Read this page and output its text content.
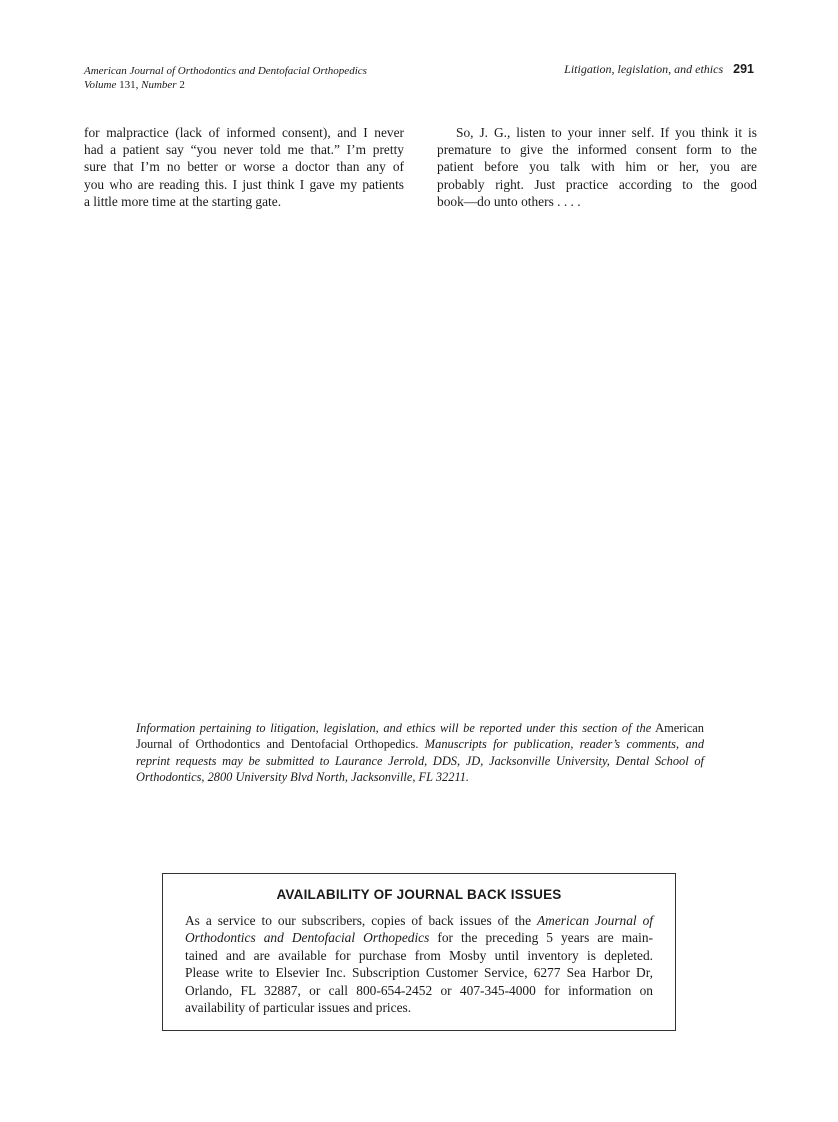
American Journal of Orthodontics and Dentofacial Orthopedics
Volume 131, Number 2
Litigation, legislation, and ethics 291
for malpractice (lack of informed consent), and I never
had a patient say “you never told me that.” I’m pretty
sure that I’m no better or worse a doctor than any of
you who are reading this. I just think I gave my patients
a little more time at the starting gate.
So, J. G., listen to your inner self. If you think it is
premature to give the informed consent form to the
patient before you talk with him or her, you are
probably right. Just practice according to the good
book—do unto others . . . .
Information pertaining to litigation, legislation, and ethics will be reported under this section of the American
Journal of Orthodontics and Dentofacial Orthopedics. Manuscripts for publication, reader’s comments, and
reprint requests may be submitted to Laurance Jerrold, DDS, JD, Jacksonville University, Dental School of
Orthodontics, 2800 University Blvd North, Jacksonville, FL 32211.
AVAILABILITY OF JOURNAL BACK ISSUES
As a service to our subscribers, copies of back issues of the American Journal of
Orthodontics and Dentofacial Orthopedics for the preceding 5 years are main-
tained and are available for purchase from Mosby until inventory is depleted.
Please write to Elsevier Inc. Subscription Customer Service, 6277 Sea Harbor Dr,
Orlando, FL 32887, or call 800-654-2452 or 407-345-4000 for information on
availability of particular issues and prices.
